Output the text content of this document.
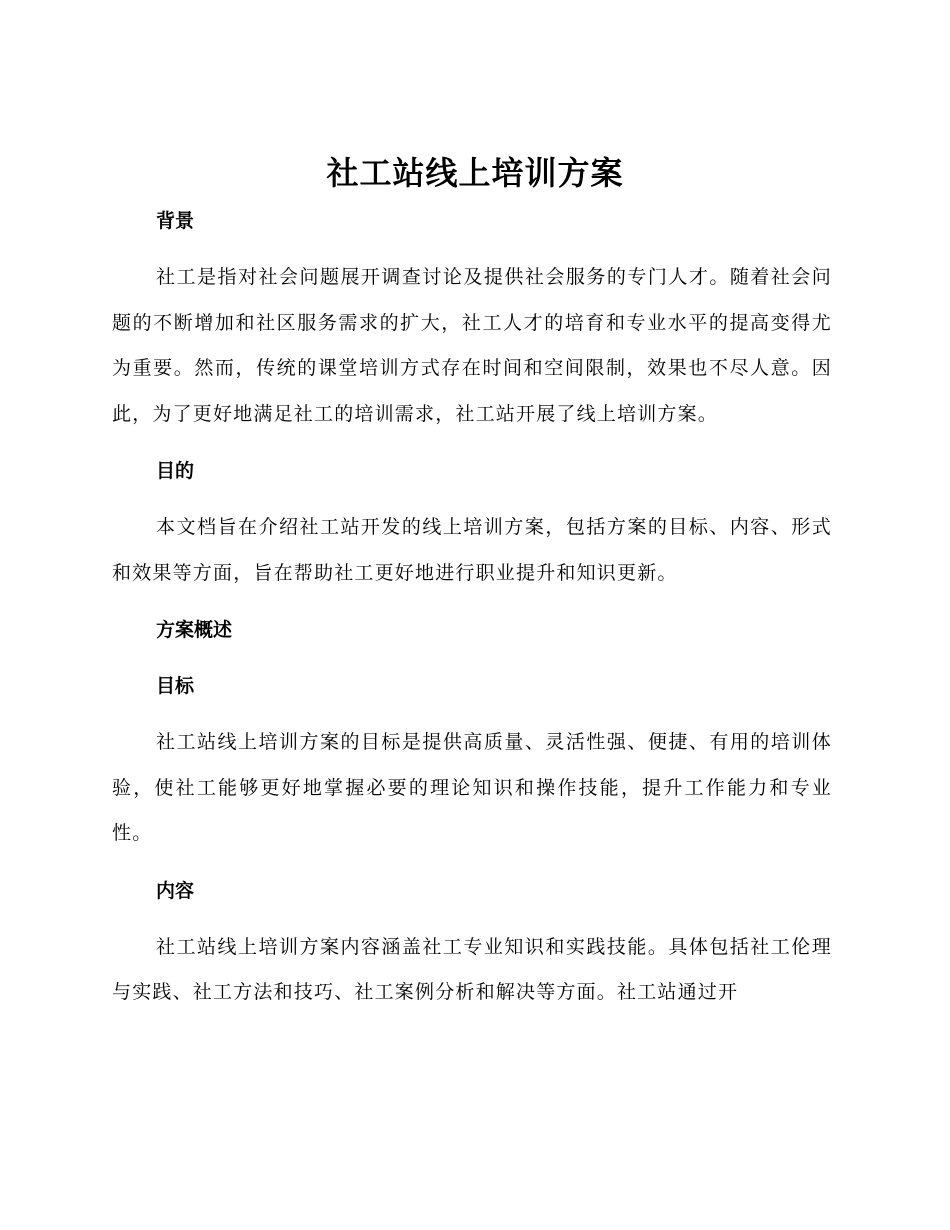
社工站线上培训方案
背景

社工是指对社会问题展开调查讨论及提供社会服务的专门人才。随着社会问题的不断增加和社区服务需求的扩大，社工人才的培育和专业水平的提高变得尤为重要。然而，传统的课堂培训方式存在时间和空间限制，效果也不尽人意。因此，为了更好地满足社工的培训需求，社工站开展了线上培训方案。

目的

本文档旨在介绍社工站开发的线上培训方案，包括方案的目标、内容、形式和效果等方面，旨在帮助社工更好地进行职业提升和知识更新。

方案概述
目标

社工站线上培训方案的目标是提供高质量、灵活性强、便捷、有用的培训体验，使社工能够更好地掌握必要的理论知识和操作技能，提升工作能力和专业性。

内容

社工站线上培训方案内容涵盖社工专业知识和实践技能。具体包括社工伦理与实践、社工方法和技巧、社工案例分析和解决等方面。社工站通过开
